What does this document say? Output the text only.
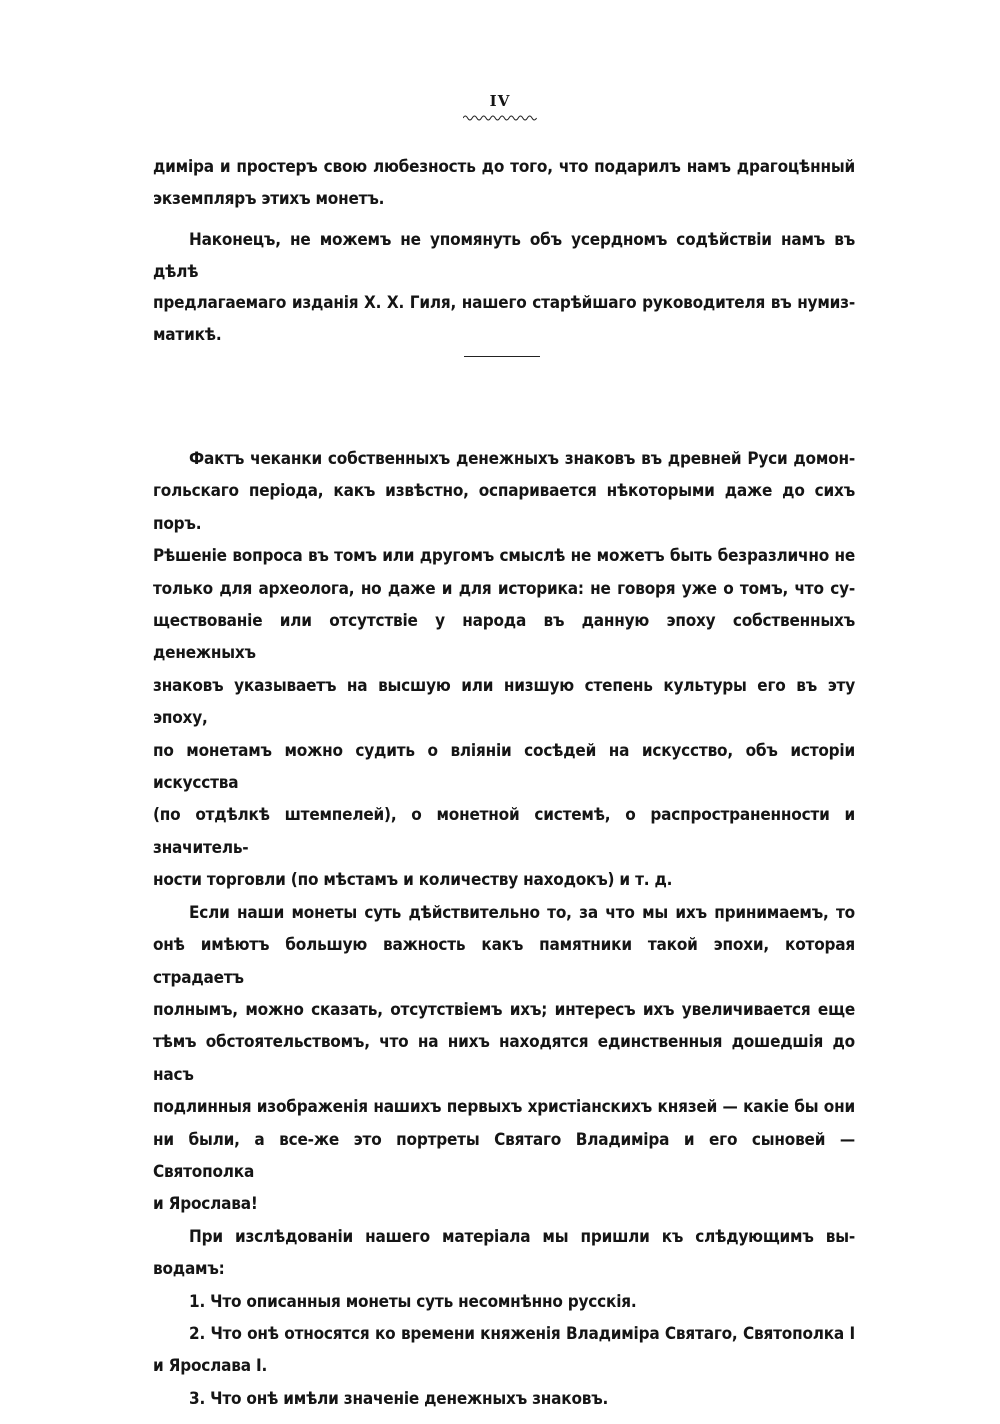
IV

диміра и простеръ свою любезность до того, что подарилъ намъ драгоцѣнный

экземпляръ этихъ монетъ.

Наконецъ, не можемъ не упомянуть объ усердномъ содѣйствіи намъ въ дѣлѣ

предлагаемаго изданія Х. Х. Гиля, нашего старѣйшаго руководителя въ нумиз-

матикѣ.

Фактъ чеканки собственныхъ денежныхъ знаковъ въ древней Руси домон-

гольскаго періода, какъ извѣстно, оспаривается нѣкоторыми даже до сихъ поръ.

Рѣшеніе вопроса въ томъ или другомъ смыслѣ не можетъ быть безразлично не

только для археолога, но даже и для историка: не говоря уже о томъ, что су-

ществованіе или отсутствіе у народа въ данную эпоху собственныхъ денежныхъ

знаковъ указываетъ на высшую или низшую степень культуры его въ эту эпоху,

по монетамъ можно судить о вліяніи сосѣдей на искусство, объ исторіи искусства

(по отдѣлкѣ штемпелей), о монетной системѣ, о распространенности и значитель-

ности торговли (по мѣстамъ и количеству находокъ) и т. д.

Если наши монеты суть дѣйствительно то, за что мы ихъ принимаемъ, то

онѣ имѣютъ большую важность какъ памятники такой эпохи, которая страдаетъ

полнымъ, можно сказать, отсутствіемъ ихъ; интересъ ихъ увеличивается еще

тѣмъ обстоятельствомъ, что на нихъ находятся единственныя дошедшія до насъ

подлинныя изображенія нашихъ первыхъ христіанскихъ князей — какіе бы они

ни были, а все-же это портреты Святаго Владиміра и его сыновей — Святополка

и Ярослава!

При изслѣдованіи нашего матеріала мы пришли къ слѣдующимъ вы-

водамъ:

1. Что описанныя монеты суть несомнѣнно русскія.

2. Что онѣ относятся ко времени княженія Владиміра Святаго, Святополка I

и Ярослава I.

3. Что онѣ имѣли значеніе денежныхъ знаковъ.
